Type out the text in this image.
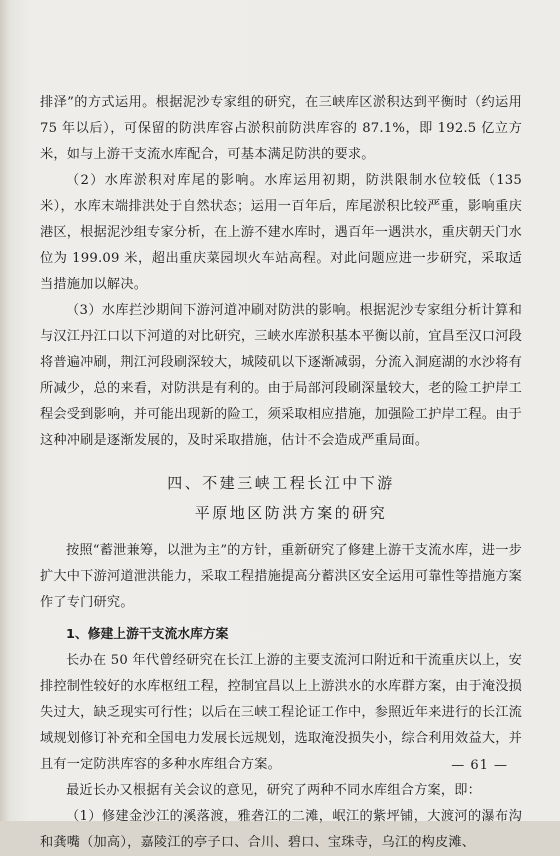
排泽”的方式运用。根据泥沙专家组的研究，在三峡库区淤积达到平衡时（约运用 75 年以后），可保留的防洪库容占淤积前防洪库容的 87.1%，即 192.5 亿立方米，如与上游干支流水库配合，可基本满足防洪的要求。

（2）水库淤积对库尾的影响。水库运用初期，防洪限制水位较低（135 米），水库末端排洪处于自然状态；运用一百年后，库尾淤积比较严重，影响重庆港区，根据泥沙组专家分析，在上游不建水库时，遇百年一遇洪水，重庆朝天门水位为 199.09 米，超出重庆菜园坝火车站高程。对此问题应进一步研究，采取适当措施加以解决。

（3）水库拦沙期间下游河道冲刷对防洪的影响。根据泥沙专家组分析计算和与汉江丹江口以下河道的对比研究，三峡水库淤积基本平衡以前，宜昌至汉口河段将普遍冲刷，荆江河段刷深较大，城陵矶以下逐渐减弱，分流入洞庭湖的水沙将有所减少，总的来看，对防洪是有利的。由于局部河段刷深量较大，老的险工护岸工程会受到影响，并可能出现新的险工，须采取相应措施，加强险工护岸工程。由于这种冲刷是逐渐发展的，及时采取措施，估计不会造成严重局面。

四、不建三峡工程长江中下游
平原地区防洪方案的研究

按照“蓄泄兼筹，以泄为主”的方针，重新研究了修建上游干支流水库，进一步扩大中下游河道泄洪能力，采取工程措施提高分蓄洪区安全运用可靠性等措施方案作了专门研究。

1、修建上游干支流水库方案

长办在 50 年代曾经研究在长江上游的主要支流河口附近和干流重庆以上，安排控制性较好的水库枢纽工程，控制宜昌以上上游洪水的水库群方案，由于淹没损失过大，缺乏现实可行性；以后在三峡工程论证工作中，参照近年来进行的长江流域规划修订补充和全国电力发展长远规划，选取淹没损失小，综合利用效益大，并且有一定防洪库容的多种水库组合方案。

最近长办又根据有关会议的意见，研究了两种不同水库组合方案，即：

（1）修建金沙江的溪落渡，雅砻江的二滩，岷江的紫坪铺，大渡河的瀑布沟和龚嘴（加高），嘉陵江的亭子口、合川、碧口、宝珠寺，乌江的构皮滩、

— 61 —
